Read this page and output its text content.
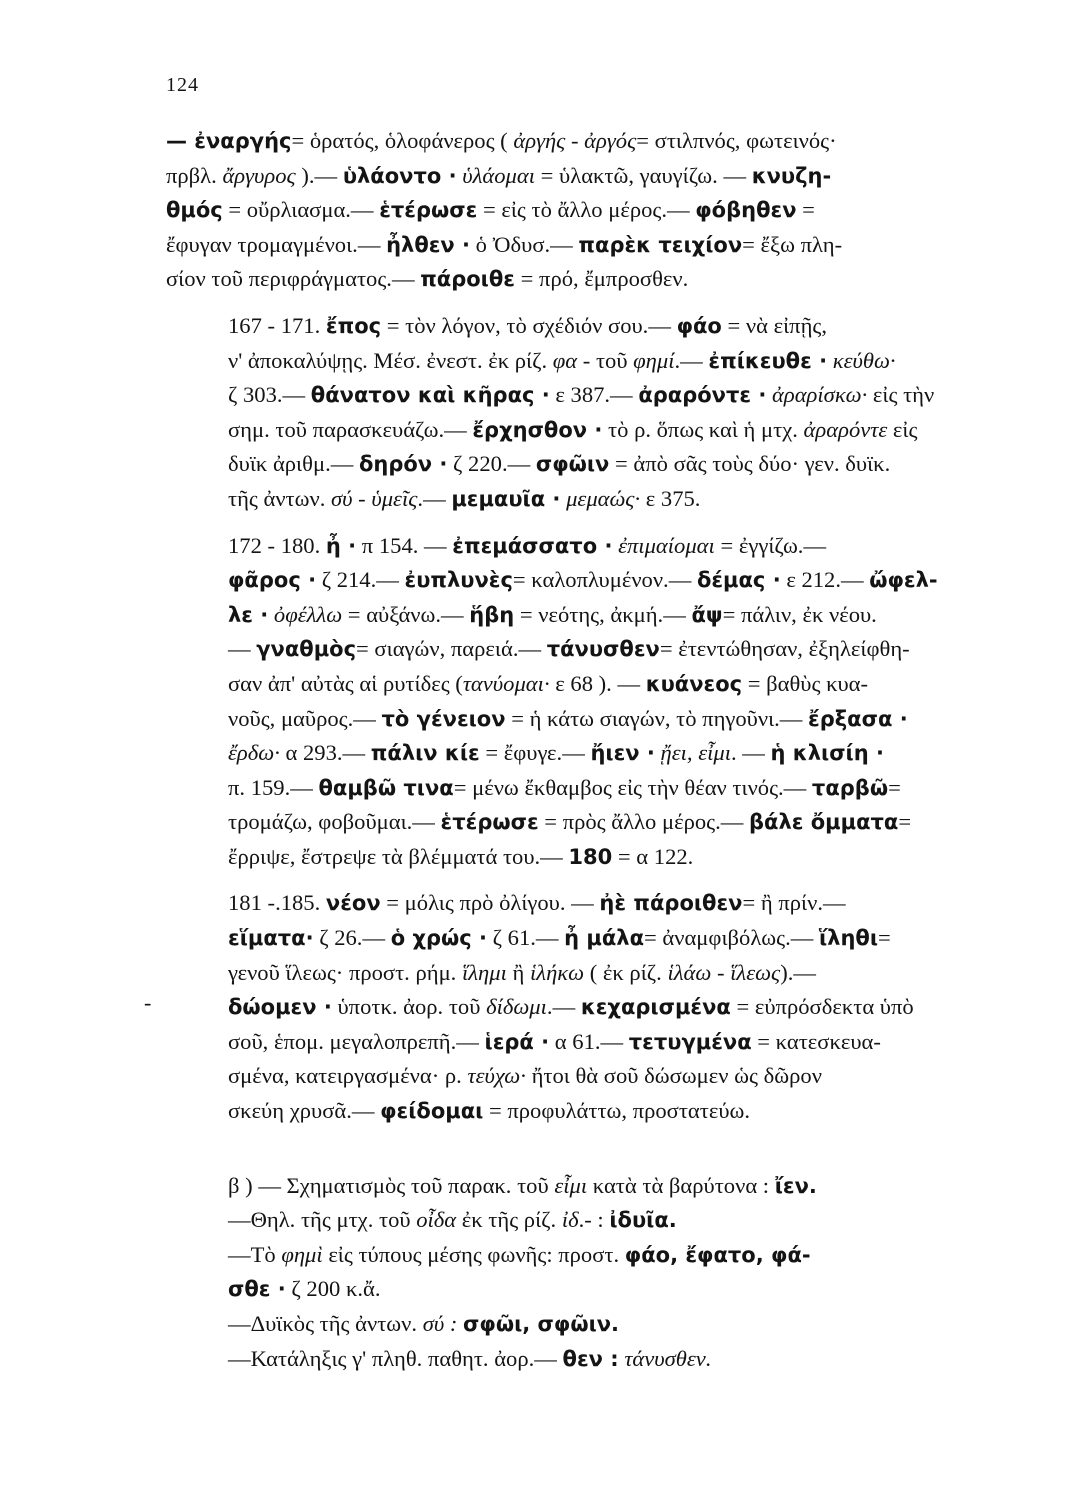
124
-

— ἐναργής= ὁρατός, ὁλοφάνερος ( ἀργής - ἀργός= στιλπνός, φωτεινός·
πρβλ. ἄργυρος ).— ὑλάοντο · ὑλάομαι = ὑλακτῶ, γαυγίζω. — κνυζη-
θμός = οὔρλιασμα.— ἑτέρωσε = εἰς τὸ ἄλλο μέρος.— φόβηθεν =
ἔφυγαν τρομαγμένοι.— ἦλθεν · ὁ Ὀδυσ.— παρὲκ τειχίον= ἔξω πλη-
σίον τοῦ περιφράγματος.— πάροιθε = πρό, ἔμπροσθεν.

167 - 171. ἔπος = τὸν λόγον, τὸ σχέδιόν σου.— φάο = νὰ εἰπῇς,
ν' ἀποκαλύψῃς. Μέσ. ἐνεστ. ἐκ ρίζ. φα - τοῦ φημί.— ἐπίκευθε · κεύθω·
ζ 303.— θάνατον καὶ κῆρας · ε 387.— ἀραρόντε · ἀραρίσκω· εἰς τὴν
σημ. τοῦ παρασκευάζω.— ἔρχησθον · τὸ ρ. ὅπως καὶ ἡ μτχ. ἀραρόντε εἰς
δυϊκ ἀριθμ.— δηρόν · ζ 220.— σφῶιν = ἀπὸ σᾶς τοὺς δύο· γεν. δυϊκ.
τῆς ἀντων. σύ - ὑμεῖς.— μεμαυῖα · μεμαώς· ε 375.

172 - 180. ἦ · π 154. — ἐπεμάσσατο · ἐπιμαίομαι = ἐγγίζω.—
φᾶρος · ζ 214.— ἐυπλυνὲς= καλοπλυμένον.— δέμας · ε 212.— ὤφελ-
λε · ὀφέλλω = αὐξάνω.— ἥβη = νεότης, ἀκμή.— ἄψ= πάλιν, ἐκ νέου.
— γναθμὸς= σιαγών, παρειά.— τάνυσθεν= ἐτεντώθησαν, ἐξηλείφθη-
σαν ἀπ' αὐτὰς αἱ ρυτίδες (τανύομαι· ε 68 ). — κυάνεος = βαθὺς κυα-
νοῦς, μαῦρος.— τὸ γένειον = ἡ κάτω σιαγών, τὸ πηγοῦνι.— ἔρξασα ·
ἔρδω· α 293.— πάλιν κίε = ἔφυγε.— ἤιεν · ᾔει, εἶμι. — ἡ κλισίη ·
π. 159.— θαμβῶ τινα= μένω ἔκθαμβος εἰς τὴν θέαν τινός.— ταρβῶ=
τρομάζω, φοβοῦμαι.— ἑτέρωσε = πρὸς ἄλλο μέρος.— βάλε ὄμματα=
ἔρριψε, ἔστρεψε τὰ βλέμματά του.— 180 = α 122.

181 -.185. νέον = μόλις πρὸ ὀλίγου. — ἠὲ πάροιθεν= ἢ πρίν.—
εἵματα· ζ 26.— ὁ χρώς · ζ 61.— ἦ μάλα= ἀναμφιβόλως.— ἵληθι=
γενοῦ ἵλεως· προστ. ρήμ. ἵλημι ἢ ἱλήκω ( ἐκ ρίζ. ἱλάω - ἵλεως).—
δώομεν · ὑποτκ. ἀορ. τοῦ δίδωμι.— κεχαρισμένα = εὐπρόσδεκτα ὑπὸ
σοῦ, ἑπομ. μεγαλοπρεπῆ.— ἱερά · α 61.— τετυγμένα = κατεσκευα-
σμένα, κατειργασμένα· ρ. τεύχω· ἤτοι θὰ σοῦ δώσωμεν ὡς δῶρον
σκεύη χρυσᾶ.— φείδομαι = προφυλάττω, προστατεύω.

β ) — Σχηματισμὸς τοῦ παρακ. τοῦ εἶμι κατὰ τὰ βαρύτονα : ἴεν.

—Θηλ. τῆς μτχ. τοῦ οἶδα ἐκ τῆς ρίζ. ἰδ.- : ἰδυῖα.

—Τὸ φημὶ εἰς τύπους μέσης φωνῆς: προστ. φάο, ἔφατο, φά-
σθε · ζ 200 κ.ἄ.

—Δυϊκὸς τῆς ἀντων. σύ : σφῶι, σφῶιν.

—Κατάληξις γ' πληθ. παθητ. ἀορ.— θεν : τάνυσθεν.
